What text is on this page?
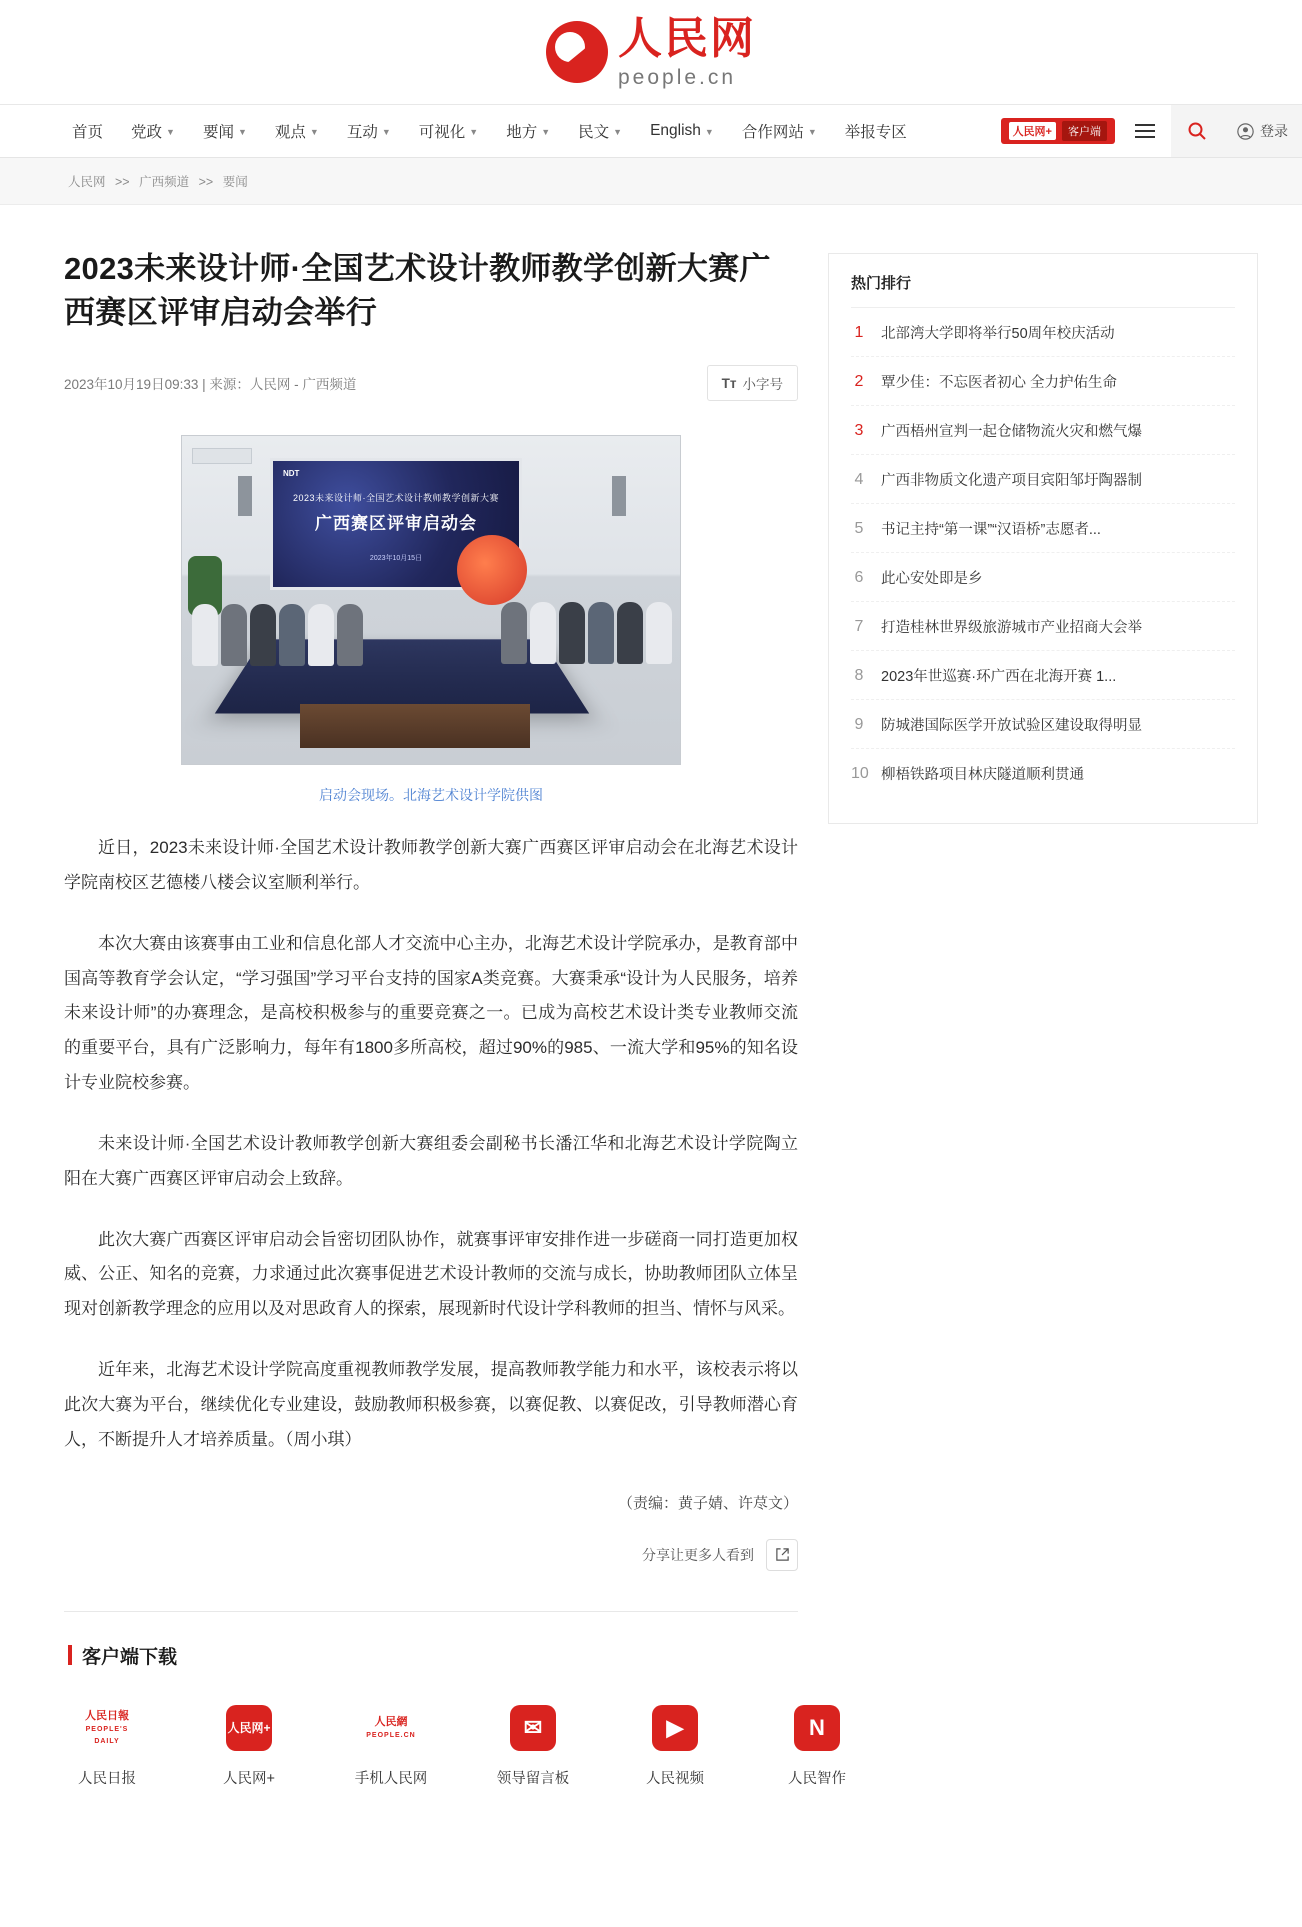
人民网
people.cn
首页 党政 ▼ 要闻 ▼ 观点 ▼ 互动 ▼ 可视化 ▼ 地方 ▼ 民文 ▼ English ▼ 合作网站 ▼ 举报专区	人民网+	客户端	登录
人民网 >> 广西频道 >> 要闻
2023未来设计师·全国艺术设计教师教学创新大赛广西赛区评审启动会举行
2023年10月19日09:33 | 来源：人民网 - 广西频道	Tт 小字号
NDT
2023未来设计师·全国艺术设计教师教学创新大赛
广西赛区评审启动会
2023年10月15日
启动会现场。北海艺术设计学院供图

近日，2023未来设计师·全国艺术设计教师教学创新大赛广西赛区评审启动会在北海艺术设计学院南校区艺德楼八楼会议室顺利举行。

本次大赛由该赛事由工业和信息化部人才交流中心主办，北海艺术设计学院承办，是教育部中国高等教育学会认定，“学习强国”学习平台支持的国家A类竞赛。大赛秉承“设计为人民服务，培养未来设计师”的办赛理念，是高校积极参与的重要竞赛之一。已成为高校艺术设计类专业教师交流的重要平台，具有广泛影响力，每年有1800多所高校，超过90%的985、一流大学和95%的知名设计专业院校参赛。

未来设计师·全国艺术设计教师教学创新大赛组委会副秘书长潘江华和北海艺术设计学院陶立阳在大赛广西赛区评审启动会上致辞。

此次大赛广西赛区评审启动会旨密切团队协作，就赛事评审安排作进一步磋商一同打造更加权威、公正、知名的竞赛，力求通过此次赛事促进艺术设计教师的交流与成长，协助教师团队立体呈现对创新教学理念的应用以及对思政育人的探索，展现新时代设计学科教师的担当、情怀与风采。

近年来，北海艺术设计学院高度重视教师教学发展，提高教师教学能力和水平，该校表示将以此次大赛为平台，继续优化专业建设，鼓励教师积极参赛，以赛促教、以赛促改，引导教师潜心育人，不断提升人才培养质量。（周小琪）

（责编：黄子婧、许荩文）
分享让更多人看到
热门排行
1 北部湾大学即将举行50周年校庆活动
2 覃少佳：不忘医者初心 全力护佑生命
3 广西梧州宣判一起仓储物流火灾和燃气爆
4 广西非物质文化遗产项目宾阳邹圩陶器制
5 书记主持“第一课”“汉语桥”志愿者...
6 此心安处即是乡
7 打造桂林世界级旅游城市产业招商大会举
8 2023年世巡赛·环广西在北海开赛 1...
9 防城港国际医学开放试验区建设取得明显
10 柳梧铁路项目林庆隧道顺利贯通
客户端下载
人民日報
PEOPLE'S DAILY
人民日报
人民网+
人民网+
人民網
PEOPLE.CN
手机人民网
✉
领导留言板
▶
人民视频
N
人民智作
